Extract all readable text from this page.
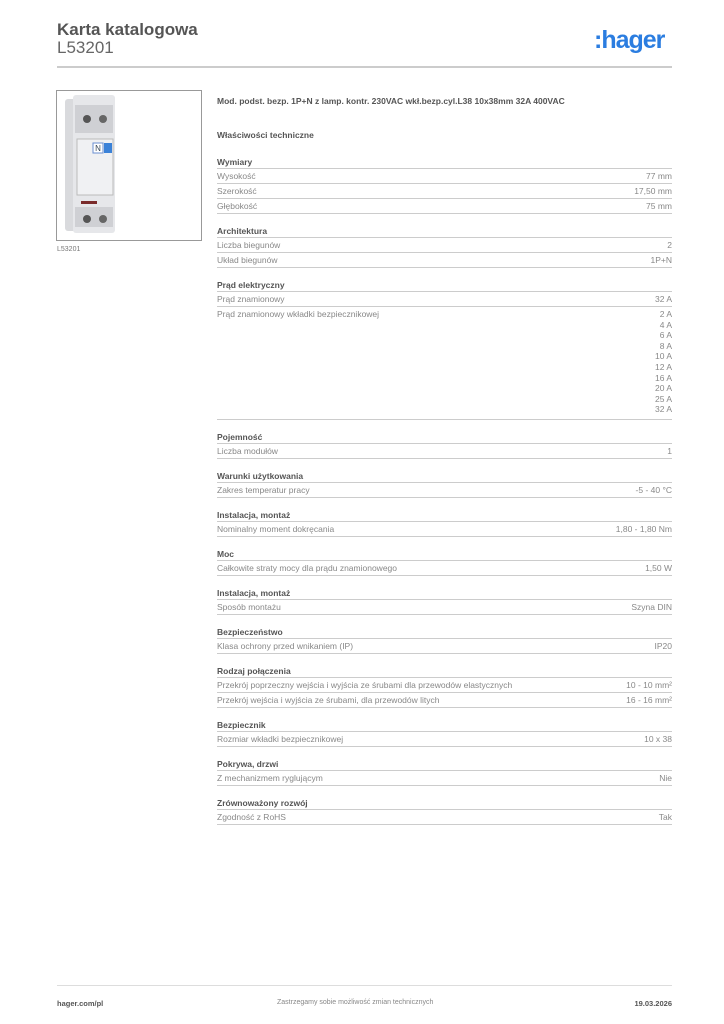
Karta katalogowa
L53201	:hager
N
L53201
Mod. podst. bezp. 1P+N z lamp. kontr. 230VAC wkł.bezp.cyl.L38 10x38mm 32A 400VAC
Właściwości techniczne
Wymiary
Wysokość	77 mm
Szerokość	17,50 mm
Głębokość	75 mm
Architektura
Liczba biegunów	2
Układ biegunów	1P+N
Prąd elektryczny
Prąd znamionowy	32 A
Prąd znamionowy wkładki bezpiecznikowej	2 A
4 A
6 A
8 A
10 A
12 A
16 A
20 A
25 A
32 A
Pojemność
Liczba modułów	1
Warunki użytkowania
Zakres temperatur pracy	-5 - 40 °C
Instalacja, montaż
Nominalny moment dokręcania	1,80 - 1,80 Nm
Moc
Całkowite straty mocy dla prądu znamionowego	1,50 W
Instalacja, montaż
Sposób montażu	Szyna DIN
Bezpieczeństwo
Klasa ochrony przed wnikaniem (IP)	IP20
Rodzaj połączenia
Przekrój poprzeczny wejścia i wyjścia ze śrubami dla przewodów elastycznych	10 - 10 mm²
Przekrój wejścia i wyjścia ze śrubami, dla przewodów litych	16 - 16 mm²
Bezpiecznik
Rozmiar wkładki bezpiecznikowej	10 x 38
Pokrywa, drzwi
Z mechanizmem ryglującym	Nie
Zrównoważony rozwój
Zgodność z RoHS	Tak
hager.com/pl	Zastrzegamy sobie możliwość zmian technicznych	19.03.2026
